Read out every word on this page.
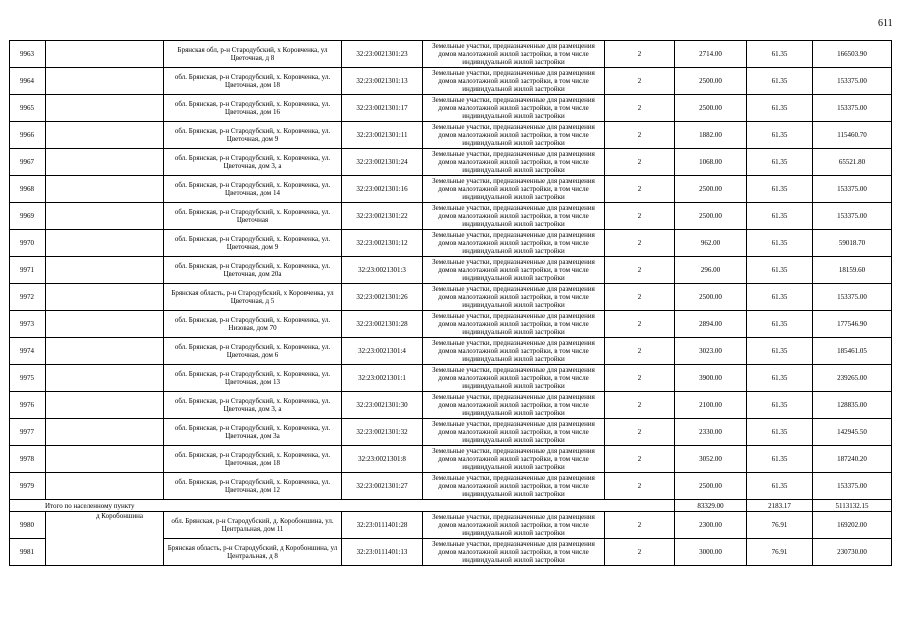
611
9963		Брянская обл, р-н Стародубский, х Коровченка, ул Цветочная, д 8	32:23:0021301:23	Земельные участки, предназначенные для размещения домов малоэтажной жилой застройки, в том числе индивидуальной жилой застройки	2	2714.00	61.35	166503.90
9964		обл. Брянская, р-н Стародубский, х. Коровченка, ул. Цветочная, дом 18	32:23:0021301:13	Земельные участки, предназначенные для размещения домов малоэтажной жилой застройки, в том числе индивидуальной жилой застройки	2	2500.00	61.35	153375.00
9965		обл. Брянская, р-н Стародубский, х. Коровченка, ул. Цветочная, дом 16	32:23:0021301:17	Земельные участки, предназначенные для размещения домов малоэтажной жилой застройки, в том числе индивидуальной жилой застройки	2	2500.00	61.35	153375.00
9966		обл. Брянская, р-н Стародубский, х. Коровченка, ул. Цветочная, дом 9	32:23:0021301:11	Земельные участки, предназначенные для размещения домов малоэтажной жилой застройки, в том числе индивидуальной жилой застройки	2	1882.00	61.35	115460.70
9967		обл. Брянская, р-н Стародубский, х. Коровченка, ул. Цветочная, дом 3, а	32:23:0021301:24	Земельные участки, предназначенные для размещения домов малоэтажной жилой застройки, в том числе индивидуальной жилой застройки	2	1068.00	61.35	65521.80
9968		обл. Брянская, р-н Стародубский, х. Коровченка, ул. Цветочная, дом 14	32:23:0021301:16	Земельные участки, предназначенные для размещения домов малоэтажной жилой застройки, в том числе индивидуальной жилой застройки	2	2500.00	61.35	153375.00
9969		обл. Брянская, р-н Стародубский, х. Коровченка, ул. Цветочная	32:23:0021301:22	Земельные участки, предназначенные для размещения домов малоэтажной жилой застройки, в том числе индивидуальной жилой застройки	2	2500.00	61.35	153375.00
9970		обл. Брянская, р-н Стародубский, х. Коровченка, ул. Цветочная, дом 9	32:23:0021301:12	Земельные участки, предназначенные для размещения домов малоэтажной жилой застройки, в том числе индивидуальной жилой застройки	2	962.00	61.35	59018.70
9971		обл. Брянская, р-н Стародубский, х. Коровченка, ул. Цветочная, дом 20а	32:23:0021301:3	Земельные участки, предназначенные для размещения домов малоэтажной жилой застройки, в том числе индивидуальной жилой застройки	2	296.00	61.35	18159.60
9972		Брянская область, р-н Стародубский, х Коровченка, ул Цветочная, д 5	32:23:0021301:26	Земельные участки, предназначенные для размещения домов малоэтажной жилой застройки, в том числе индивидуальной жилой застройки	2	2500.00	61.35	153375.00
9973		обл. Брянская, р-н Стародубский, х. Коровченка, ул. Низовая, дом 70	32:23:0021301:28	Земельные участки, предназначенные для размещения домов малоэтажной жилой застройки, в том числе индивидуальной жилой застройки	2	2894.00	61.35	177546.90
9974		обл. Брянская, р-н Стародубский, х. Коровченка, ул. Цветочная, дом 6	32:23:0021301:4	Земельные участки, предназначенные для размещения домов малоэтажной жилой застройки, в том числе индивидуальной жилой застройки	2	3023.00	61.35	185461.05
9975		обл. Брянская, р-н Стародубский, х. Коровченка, ул. Цветочная, дом 13	32:23:0021301:1	Земельные участки, предназначенные для размещения домов малоэтажной жилой застройки, в том числе индивидуальной жилой застройки	2	3900.00	61.35	239265.00
9976		обл. Брянская, р-н Стародубский, х. Коровченка, ул. Цветочная, дом 3, а	32:23:0021301:30	Земельные участки, предназначенные для размещения домов малоэтажной жилой застройки, в том числе индивидуальной жилой застройки	2	2100.00	61.35	128835.00
9977		обл. Брянская, р-н Стародубский, х. Коровченка, ул. Цветочная, дом 3а	32:23:0021301:32	Земельные участки, предназначенные для размещения домов малоэтажной жилой застройки, в том числе индивидуальной жилой застройки	2	2330.00	61.35	142945.50
9978		обл. Брянская, р-н Стародубский, х. Коровченка, ул. Цветочная, дом 18	32:23:0021301:8	Земельные участки, предназначенные для размещения домов малоэтажной жилой застройки, в том числе индивидуальной жилой застройки	2	3052.00	61.35	187240.20
9979		обл. Брянская, р-н Стародубский, х. Коровченка, ул. Цветочная, дом 12	32:23:0021301:27	Земельные участки, предназначенные для размещения домов малоэтажной жилой застройки, в том числе индивидуальной жилой застройки	2	2500.00	61.35	153375.00
Итого по населенному пункту						83329.00	2183.17	5113132.15
9980	д Коробоншина	обл. Брянская, р-н Стародубский, д. Коробоншина, ул. Центральная, дом 11	32:23:0111401:28	Земельные участки, предназначенные для размещения домов малоэтажной жилой застройки, в том числе индивидуальной жилой застройки	2	2300.00	76.91	169202.00
9981		Брянская область, р-н Стародубский, д Коробоншина, ул Центральная, д 8	32:23:0111401:13	Земельные участки, предназначенные для размещения домов малоэтажной жилой застройки, в том числе индивидуальной жилой застройки	2	3000.00	76.91	230730.00
